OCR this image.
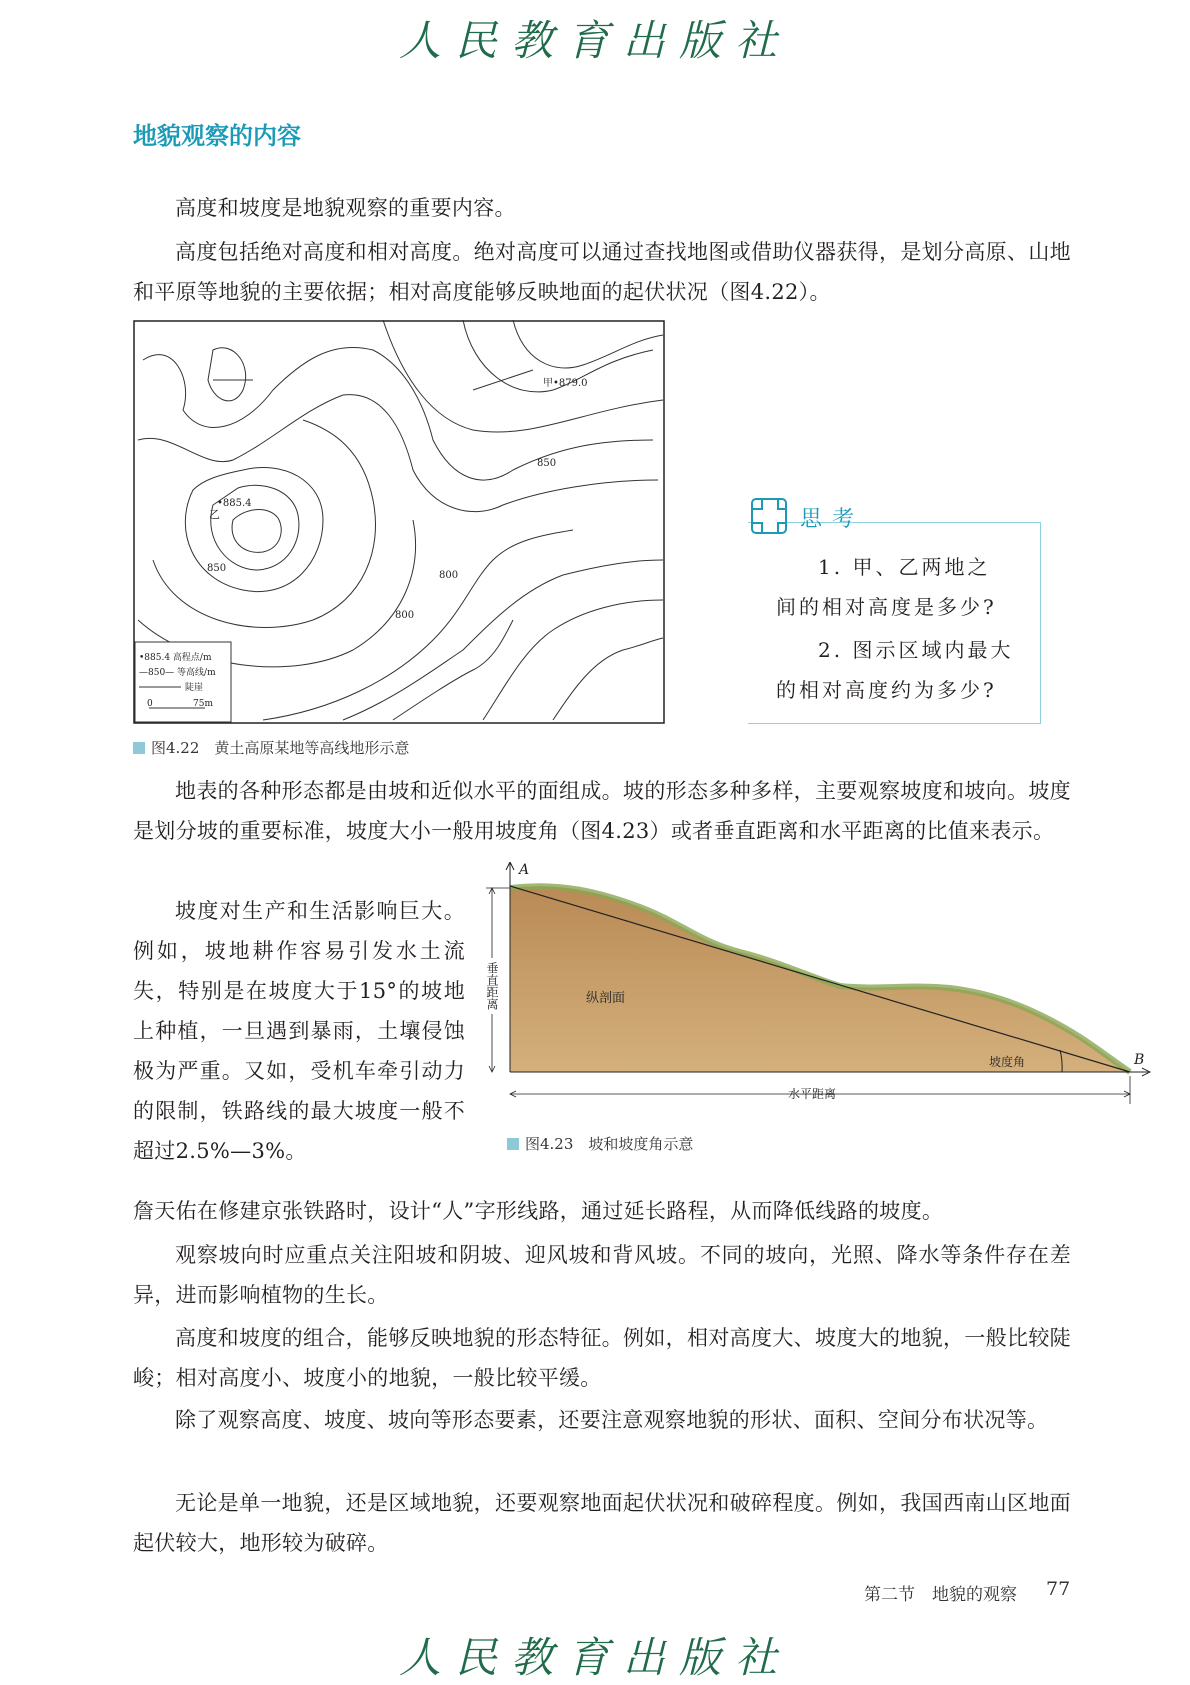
人民教育出版社
地貌观察的内容

高度和坡度是地貌观察的重要内容。

高度包括绝对高度和相对高度。绝对高度可以通过查找地图或借助仪器获得，是划分高原、山地和平原等地貌的主要依据；相对高度能够反映地面的起伏状况（图4.22）。

甲•879.0
•885.4
乙
850
850
800
800
•885.4 高程点/m
—850— 等高线/m
陡崖
0	75m
图4.22　黄土高原某地等高线地形示意
思考
1. 甲、乙两地之
间的相对高度是多少?
2. 图示区域内最大
的相对高度约为多少?

地表的各种形态都是由坡和近似水平的面组成。坡的形态多种多样，主要观察坡度和坡向。坡度是划分坡的重要标准，坡度大小一般用坡度角（图4.23）或者垂直距离和水平距离的比值来表示。

坡度对生产和生活影响巨大。例如，坡地耕作容易引发水土流失，特别是在坡度大于15°的坡地上种植，一旦遇到暴雨，土壤侵蚀极为严重。又如，受机车牵引动力的限制，铁路线的最大坡度一般不超过2.5%—3%。

A
B
垂直距离
水平距离
纵剖面
坡度角
图4.23　坡和坡度角示意

詹天佑在修建京张铁路时，设计“人”字形线路，通过延长路程，从而降低线路的坡度。

观察坡向时应重点关注阳坡和阴坡、迎风坡和背风坡。不同的坡向，光照、降水等条件存在差异，进而影响植物的生长。

高度和坡度的组合，能够反映地貌的形态特征。例如，相对高度大、坡度大的地貌，一般比较陡峻；相对高度小、坡度小的地貌，一般比较平缓。

除了观察高度、坡度、坡向等形态要素，还要注意观察地貌的形状、面积、空间分布状况等。

无论是单一地貌，还是区域地貌，还要观察地面起伏状况和破碎程度。例如，我国西南山区地面起伏较大，地形较为破碎。

第二节　地貌的观察 77
人民教育出版社
